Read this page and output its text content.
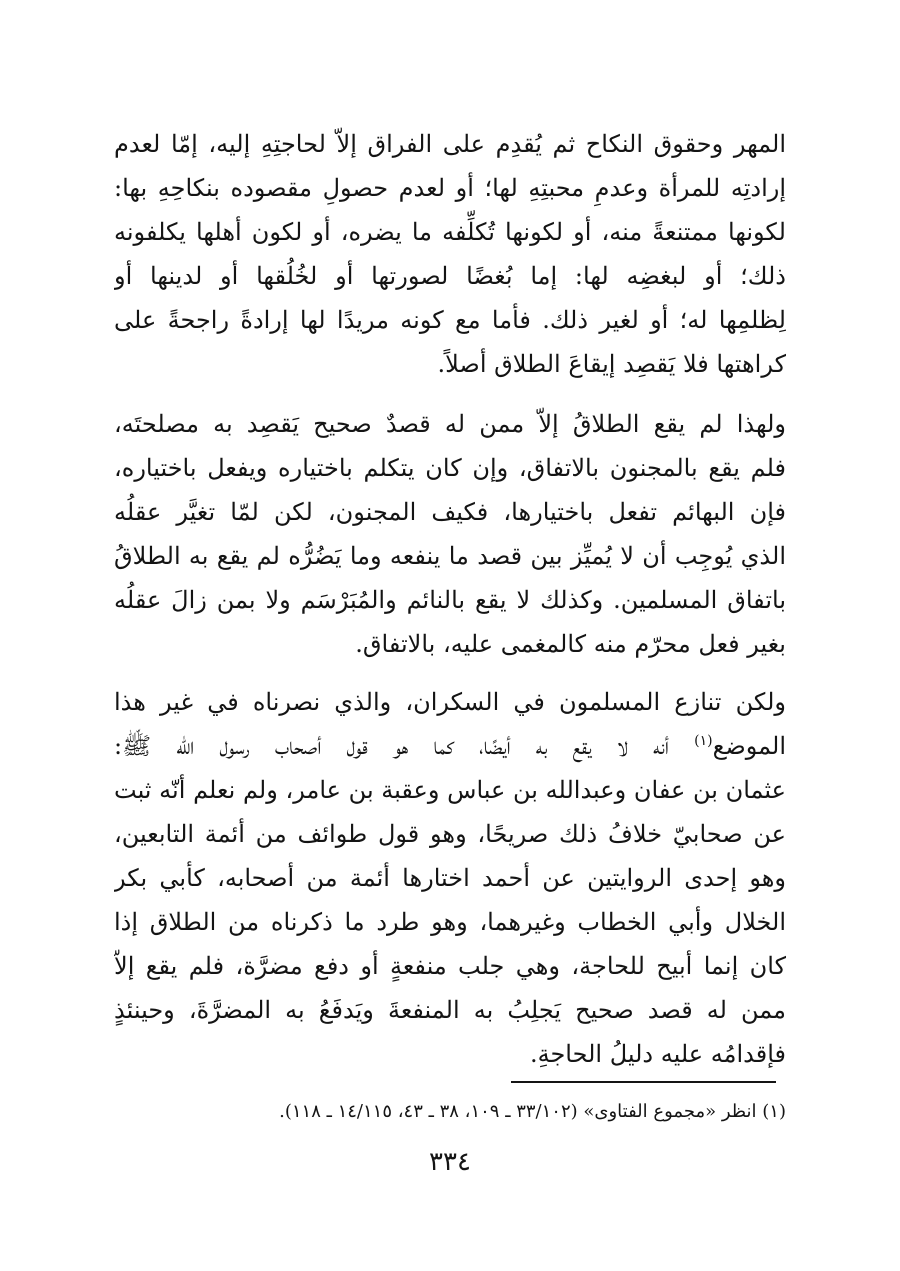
المهر وحقوق النكاح ثم يُقدِم على الفراق إلاّ لحاجتِهِ إليه، إمّا لعدم
إرادتِه للمرأة وعدمِ محبتِهِ لها؛ أو لعدم حصولِ مقصوده بنكاحِهِ بها:
لكونها ممتنعةً منه، أو لكونها تُكلِّفه ما يضره، أو لكون أهلها يكلفونه
ذلك؛ أو لبغضِه لها: إما بُغضًا لصورتها أو لخُلُقها أو لدينها أو
لِظلمِها له؛ أو لغير ذلك. فأما مع كونه مريدًا لها إرادةً راجحةً على
كراهتها فلا يَقصِد إيقاعَ الطلاق أصلاً.
ولهذا لم يقع الطلاقُ إلاّ ممن له قصدٌ صحيح يَقصِد به مصلحتَه،
فلم يقع بالمجنون بالاتفاق، وإن كان يتكلم باختياره ويفعل باختياره،
فإن البهائم تفعل باختيارها، فكيف المجنون، لكن لمّا تغيَّر عقلُه
الذي يُوجِب أن لا يُميِّز بين قصد ما ينفعه وما يَضُرُّه لم يقع به الطلاقُ
باتفاق المسلمين. وكذلك لا يقع بالنائم والمُبَرْسَم ولا بمن زالَ عقلُه
بغير فعل محرّم منه كالمغمى عليه، بالاتفاق.
ولكن تنازع المسلمون في السكران، والذي نصرناه في غير هذا
الموضع$^{(١)}$ أنه لا يقع به أيضًا، كما هو قول أصحاب رسول الله ﷺ:
عثمان بن عفان وعبدالله بن عباس وعقبة بن عامر، ولم نعلم أنّه ثبت
عن صحابيّ خلافُ ذلك صريحًا، وهو قول طوائف من أئمة التابعين،
وهو إحدى الروايتين عن أحمد اختارها أئمة من أصحابه، كأبي بكر
الخلال وأبي الخطاب وغيرهما، وهو طرد ما ذكرناه من الطلاق إذا
كان إنما أبيح للحاجة، وهي جلب منفعةٍ أو دفع مضرَّة، فلم يقع إلاّ
ممن له قصد صحيح يَجلِبُ به المنفعةَ ويَدفَعُ به المضرَّةَ، وحينئذٍ
فإقدامُه عليه دليلُ الحاجةِ.
(١) انظر «مجموع الفتاوى» (٣٣/١٠٢ ـ ١٠٩، ٣٨ ـ ٤٣، ١٤/١١٥ ـ ١١٨).
٣٣٤
